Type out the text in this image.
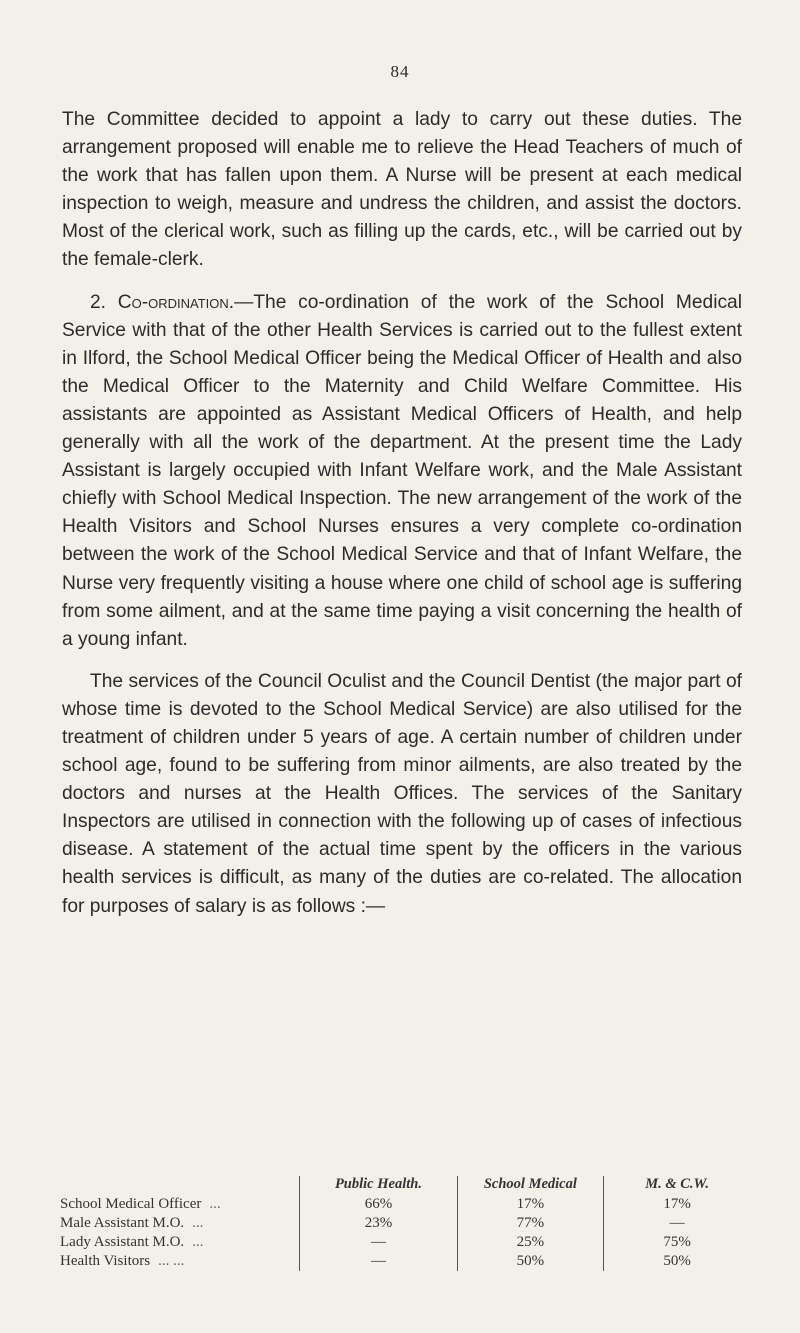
84

The Committee decided to appoint a lady to carry out these duties. The arrangement proposed will enable me to relieve the Head Teachers of much of the work that has fallen upon them. A Nurse will be present at each medical inspection to weigh, measure and undress the children, and assist the doctors. Most of the clerical work, such as filling up the cards, etc., will be carried out by the female-clerk.

2. Co-ordination.—The co-ordination of the work of the School Medical Service with that of the other Health Services is carried out to the fullest extent in Ilford, the School Medical Officer being the Medical Officer of Health and also the Medical Officer to the Maternity and Child Welfare Committee. His assistants are appointed as Assistant Medical Officers of Health, and help generally with all the work of the department. At the present time the Lady Assistant is largely occupied with Infant Welfare work, and the Male Assistant chiefly with School Medical Inspection. The new arrangement of the work of the Health Visitors and School Nurses ensures a very complete co-ordination between the work of the School Medical Service and that of Infant Welfare, the Nurse very frequently visiting a house where one child of school age is suffering from some ailment, and at the same time paying a visit concerning the health of a young infant.

The services of the Council Oculist and the Council Dentist (the major part of whose time is devoted to the School Medical Service) are also utilised for the treatment of children under 5 years of age. A certain number of children under school age, found to be suffering from minor ailments, are also treated by the doctors and nurses at the Health Offices. The services of the Sanitary Inspectors are utilised in connection with the following up of cases of infectious disease. A statement of the actual time spent by the officers in the various health services is difficult, as many of the duties are co-related. The allocation for purposes of salary is as follows :—

	Public Health.	School Medical	M. & C.W.
School Medical Officer ...	66%	17%	17%
Male Assistant M.O. ...	23%	77%	—
Lady Assistant M.O. ...	—	25%	75%
Health Visitors ... ...	—	50%	50%
